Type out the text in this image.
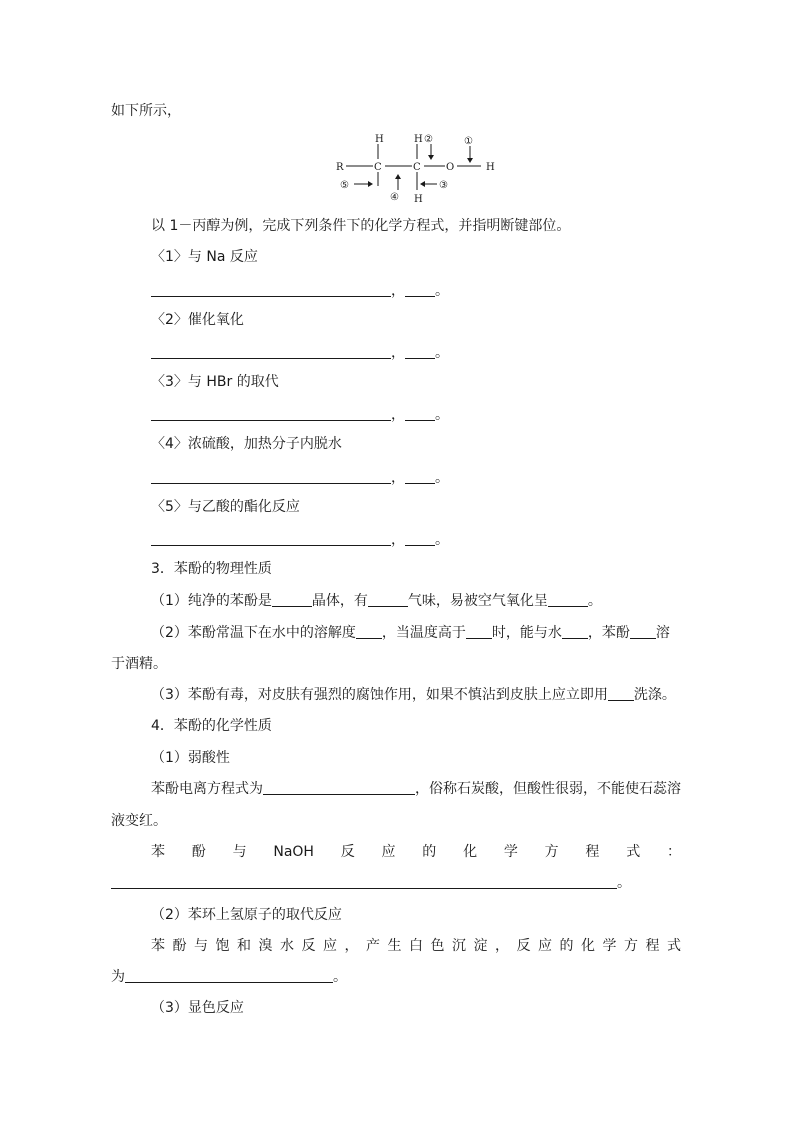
如下所示，
R	C	C	O	H
H	H
H
②	①
③
④
⑤
以 1－丙醇为例，完成下列条件下的化学方程式，并指明断键部位。
〈1〉与 Na 反应
， 。
〈2〉催化氧化
， 。
〈3〉与 HBr 的取代
， 。
〈4〉浓硫酸，加热分子内脱水
， 。
〈5〉与乙酸的酯化反应
， 。
3．苯酚的物理性质
（1）纯净的苯酚是	晶体，有	气味，易被空气氧化呈	。
（2）苯酚常温下在水中的溶解度 ，当温度高于 时，能与水 ，苯酚 溶
于酒精。
（3）苯酚有毒，对皮肤有强烈的腐蚀作用，如果不慎沾到皮肤上应立即用 洗涤。
4．苯酚的化学性质
（1）弱酸性
苯酚电离方程式为	，俗称石炭酸，但酸性很弱，不能使石蕊溶
液变红。
苯 酚 与 NaOH 反 应 的 化 学 方 程 式 ：
。
（2）苯环上氢原子的取代反应
苯 酚 与 饱 和 溴 水 反 应 ， 产 生 白 色 沉 淀 ， 反 应 的 化 学 方 程 式
为	。
（3）显色反应
